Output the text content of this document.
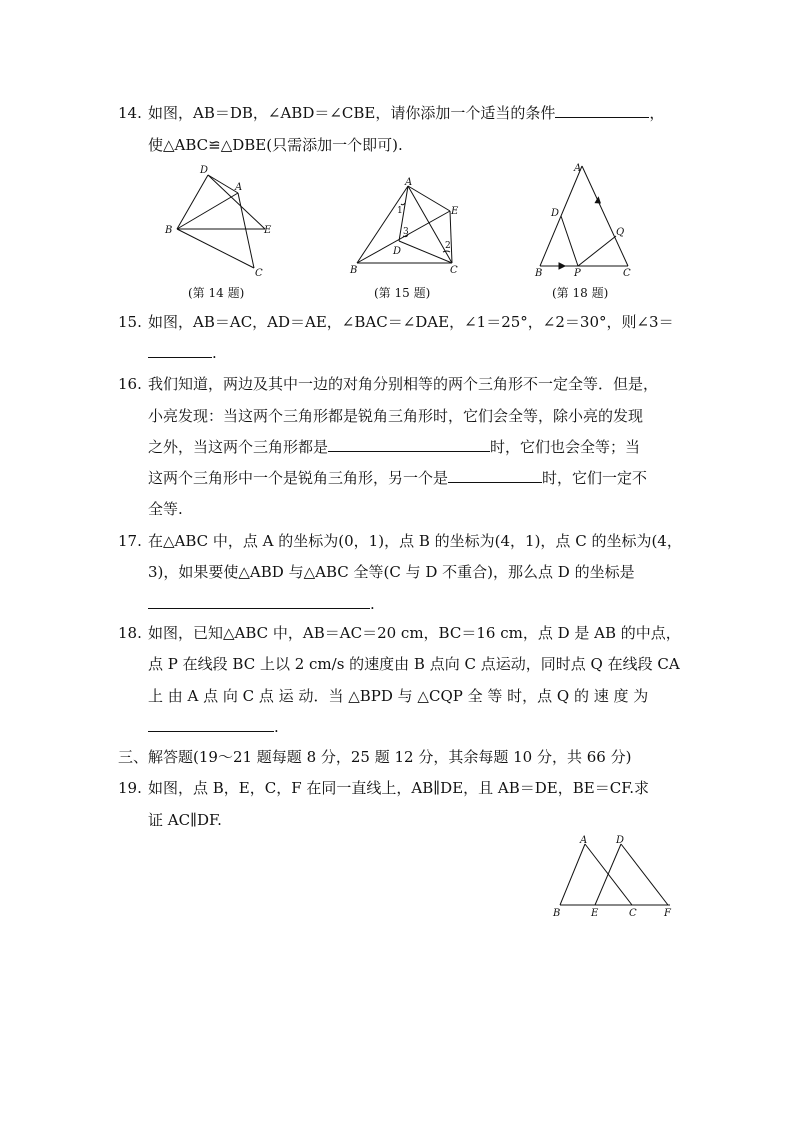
14. 如图，AB＝DB，∠ABD＝∠CBE，请你添加一个适当的条件	，
使△ABC≌△DBE(只需添加一个即可).
D
A
B	E
C
(第 14 题)
A
E
B	C
D
1
2
3
(第 15 题)
A
D
Q
B	P	C
(第 18 题)
15. 如图，AB＝AC，AD＝AE，∠BAC＝∠DAE，∠1＝25°，∠2＝30°，则∠3＝
.
16. 我们知道，两边及其中一边的对角分别相等的两个三角形不一定全等．但是，
小亮发现：当这两个三角形都是锐角三角形时，它们会全等，除小亮的发现
之外，当这两个三角形都是	时，它们也会全等；当
这两个三角形中一个是锐角三角形，另一个是	时，它们一定不
全等.
17. 在△ABC 中，点 A 的坐标为(0，1)，点 B 的坐标为(4，1)，点 C 的坐标为(4，
3)，如果要使△ABD 与△ABC 全等(C 与 D 不重合)，那么点 D 的坐标是
.
18. 如图，已知△ABC 中，AB＝AC＝20 cm，BC＝16 cm，点 D 是 AB 的中点，
点 P 在线段 BC 上以 2 cm/s 的速度由 B 点向 C 点运动，同时点 Q 在线段 CA
上 由 A 点 向 C 点 运 动．当 △BPD 与 △CQP 全 等 时，点 Q 的 速 度 为
.
三、解答题(19～21 题每题 8 分，25 题 12 分，其余每题 10 分，共 66 分)
19. 如图，点 B，E，C，F 在同一直线上，AB∥DE，且 AB＝DE，BE＝CF.求
证 AC∥DF.
A	D
B	E	C	F
